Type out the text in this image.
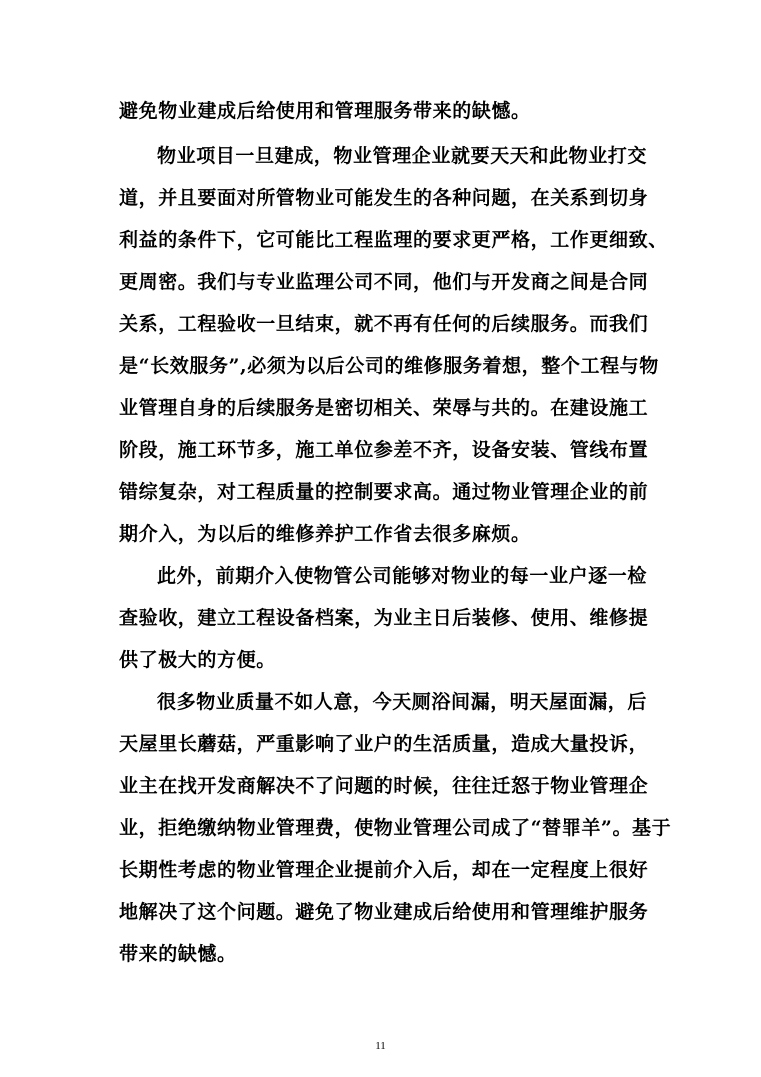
避免物业建成后给使用和管理服务带来的缺憾。
物业项目一旦建成，物业管理企业就要天天和此物业打交
道，并且要面对所管物业可能发生的各种问题，在关系到切身
利益的条件下，它可能比工程监理的要求更严格，工作更细致、
更周密。我们与专业监理公司不同，他们与开发商之间是合同
关系，工程验收一旦结束，就不再有任何的后续服务。而我们
是“长效服务”,必须为以后公司的维修服务着想，整个工程与物
业管理自身的后续服务是密切相关、荣辱与共的。在建设施工
阶段，施工环节多，施工单位参差不齐，设备安装、管线布置
错综复杂，对工程质量的控制要求高。通过物业管理企业的前
期介入，为以后的维修养护工作省去很多麻烦。
此外，前期介入使物管公司能够对物业的每一业户逐一检
查验收，建立工程设备档案，为业主日后装修、使用、维修提
供了极大的方便。
很多物业质量不如人意，今天厕浴间漏，明天屋面漏，后
天屋里长蘑菇，严重影响了业户的生活质量，造成大量投诉，
业主在找开发商解决不了问题的时候，往往迁怒于物业管理企
业，拒绝缴纳物业管理费，使物业管理公司成了“替罪羊”。基于
长期性考虑的物业管理企业提前介入后，却在一定程度上很好
地解决了这个问题。避免了物业建成后给使用和管理维护服务
带来的缺憾。
11
